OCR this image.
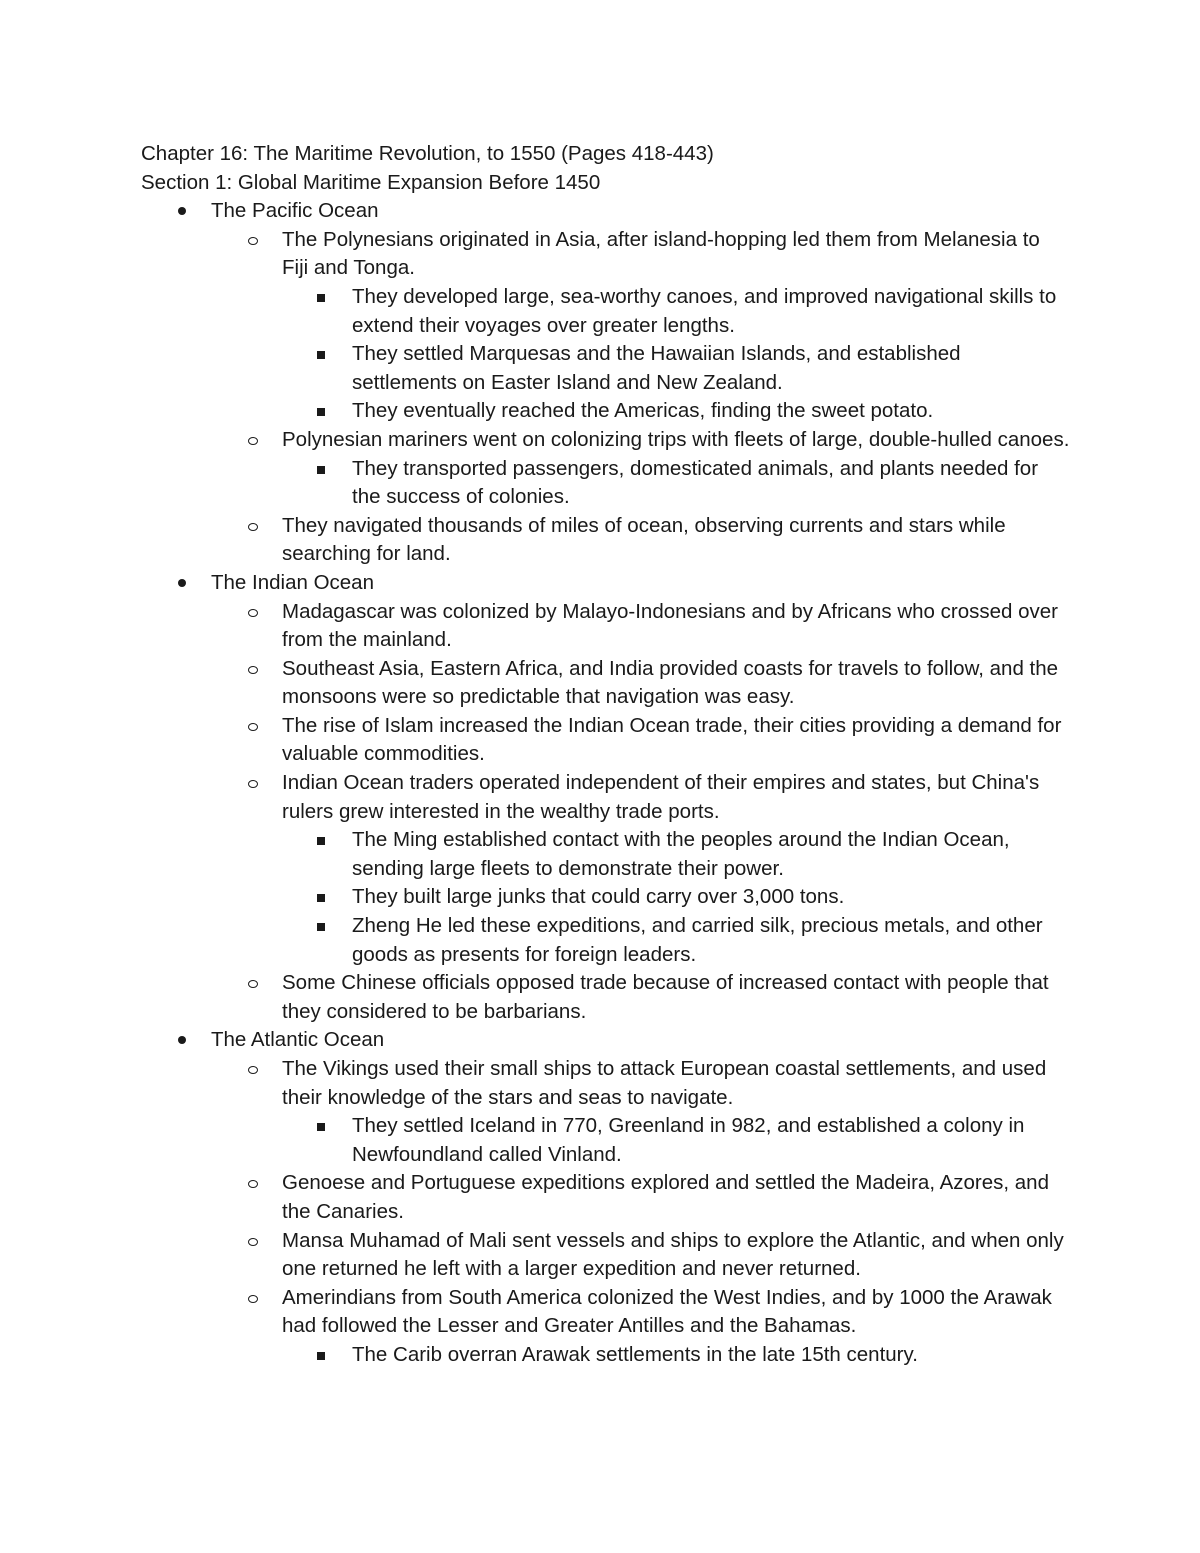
Chapter 16: The Maritime Revolution, to 1550 (Pages 418-443)
Section 1: Global Maritime Expansion Before 1450
The Pacific Ocean
The Polynesians originated in Asia, after island-hopping led them from Melanesia to Fiji and Tonga.
They developed large, sea-worthy canoes, and improved navigational skills to extend their voyages over greater lengths.
They settled Marquesas and the Hawaiian Islands, and established settlements on Easter Island and New Zealand.
They eventually reached the Americas, finding the sweet potato.
Polynesian mariners went on colonizing trips with fleets of large, double-hulled canoes.
They transported passengers, domesticated animals, and plants needed for the success of colonies.
They navigated thousands of miles of ocean, observing currents and stars while searching for land.
The Indian Ocean
Madagascar was colonized by Malayo-Indonesians and by Africans who crossed over from the mainland.
Southeast Asia, Eastern Africa, and India provided coasts for travels to follow, and the monsoons were so predictable that navigation was easy.
The rise of Islam increased the Indian Ocean trade, their cities providing a demand for valuable commodities.
Indian Ocean traders operated independent of their empires and states, but China's rulers grew interested in the wealthy trade ports.
The Ming established contact with the peoples around the Indian Ocean, sending large fleets to demonstrate their power.
They built large junks that could carry over 3,000 tons.
Zheng He led these expeditions, and carried silk, precious metals, and other goods as presents for foreign leaders.
Some Chinese officials opposed trade because of increased contact with people that they considered to be barbarians.
The Atlantic Ocean
The Vikings used their small ships to attack European coastal settlements, and used their knowledge of the stars and seas to navigate.
They settled Iceland in 770, Greenland in 982, and established a colony in Newfoundland called Vinland.
Genoese and Portuguese expeditions explored and settled the Madeira, Azores, and the Canaries.
Mansa Muhamad of Mali sent vessels and ships to explore the Atlantic, and when only one returned he left with a larger expedition and never returned.
Amerindians from South America colonized the West Indies, and by 1000 the Arawak had followed the Lesser and Greater Antilles and the Bahamas.
The Carib overran Arawak settlements in the late 15th century.
